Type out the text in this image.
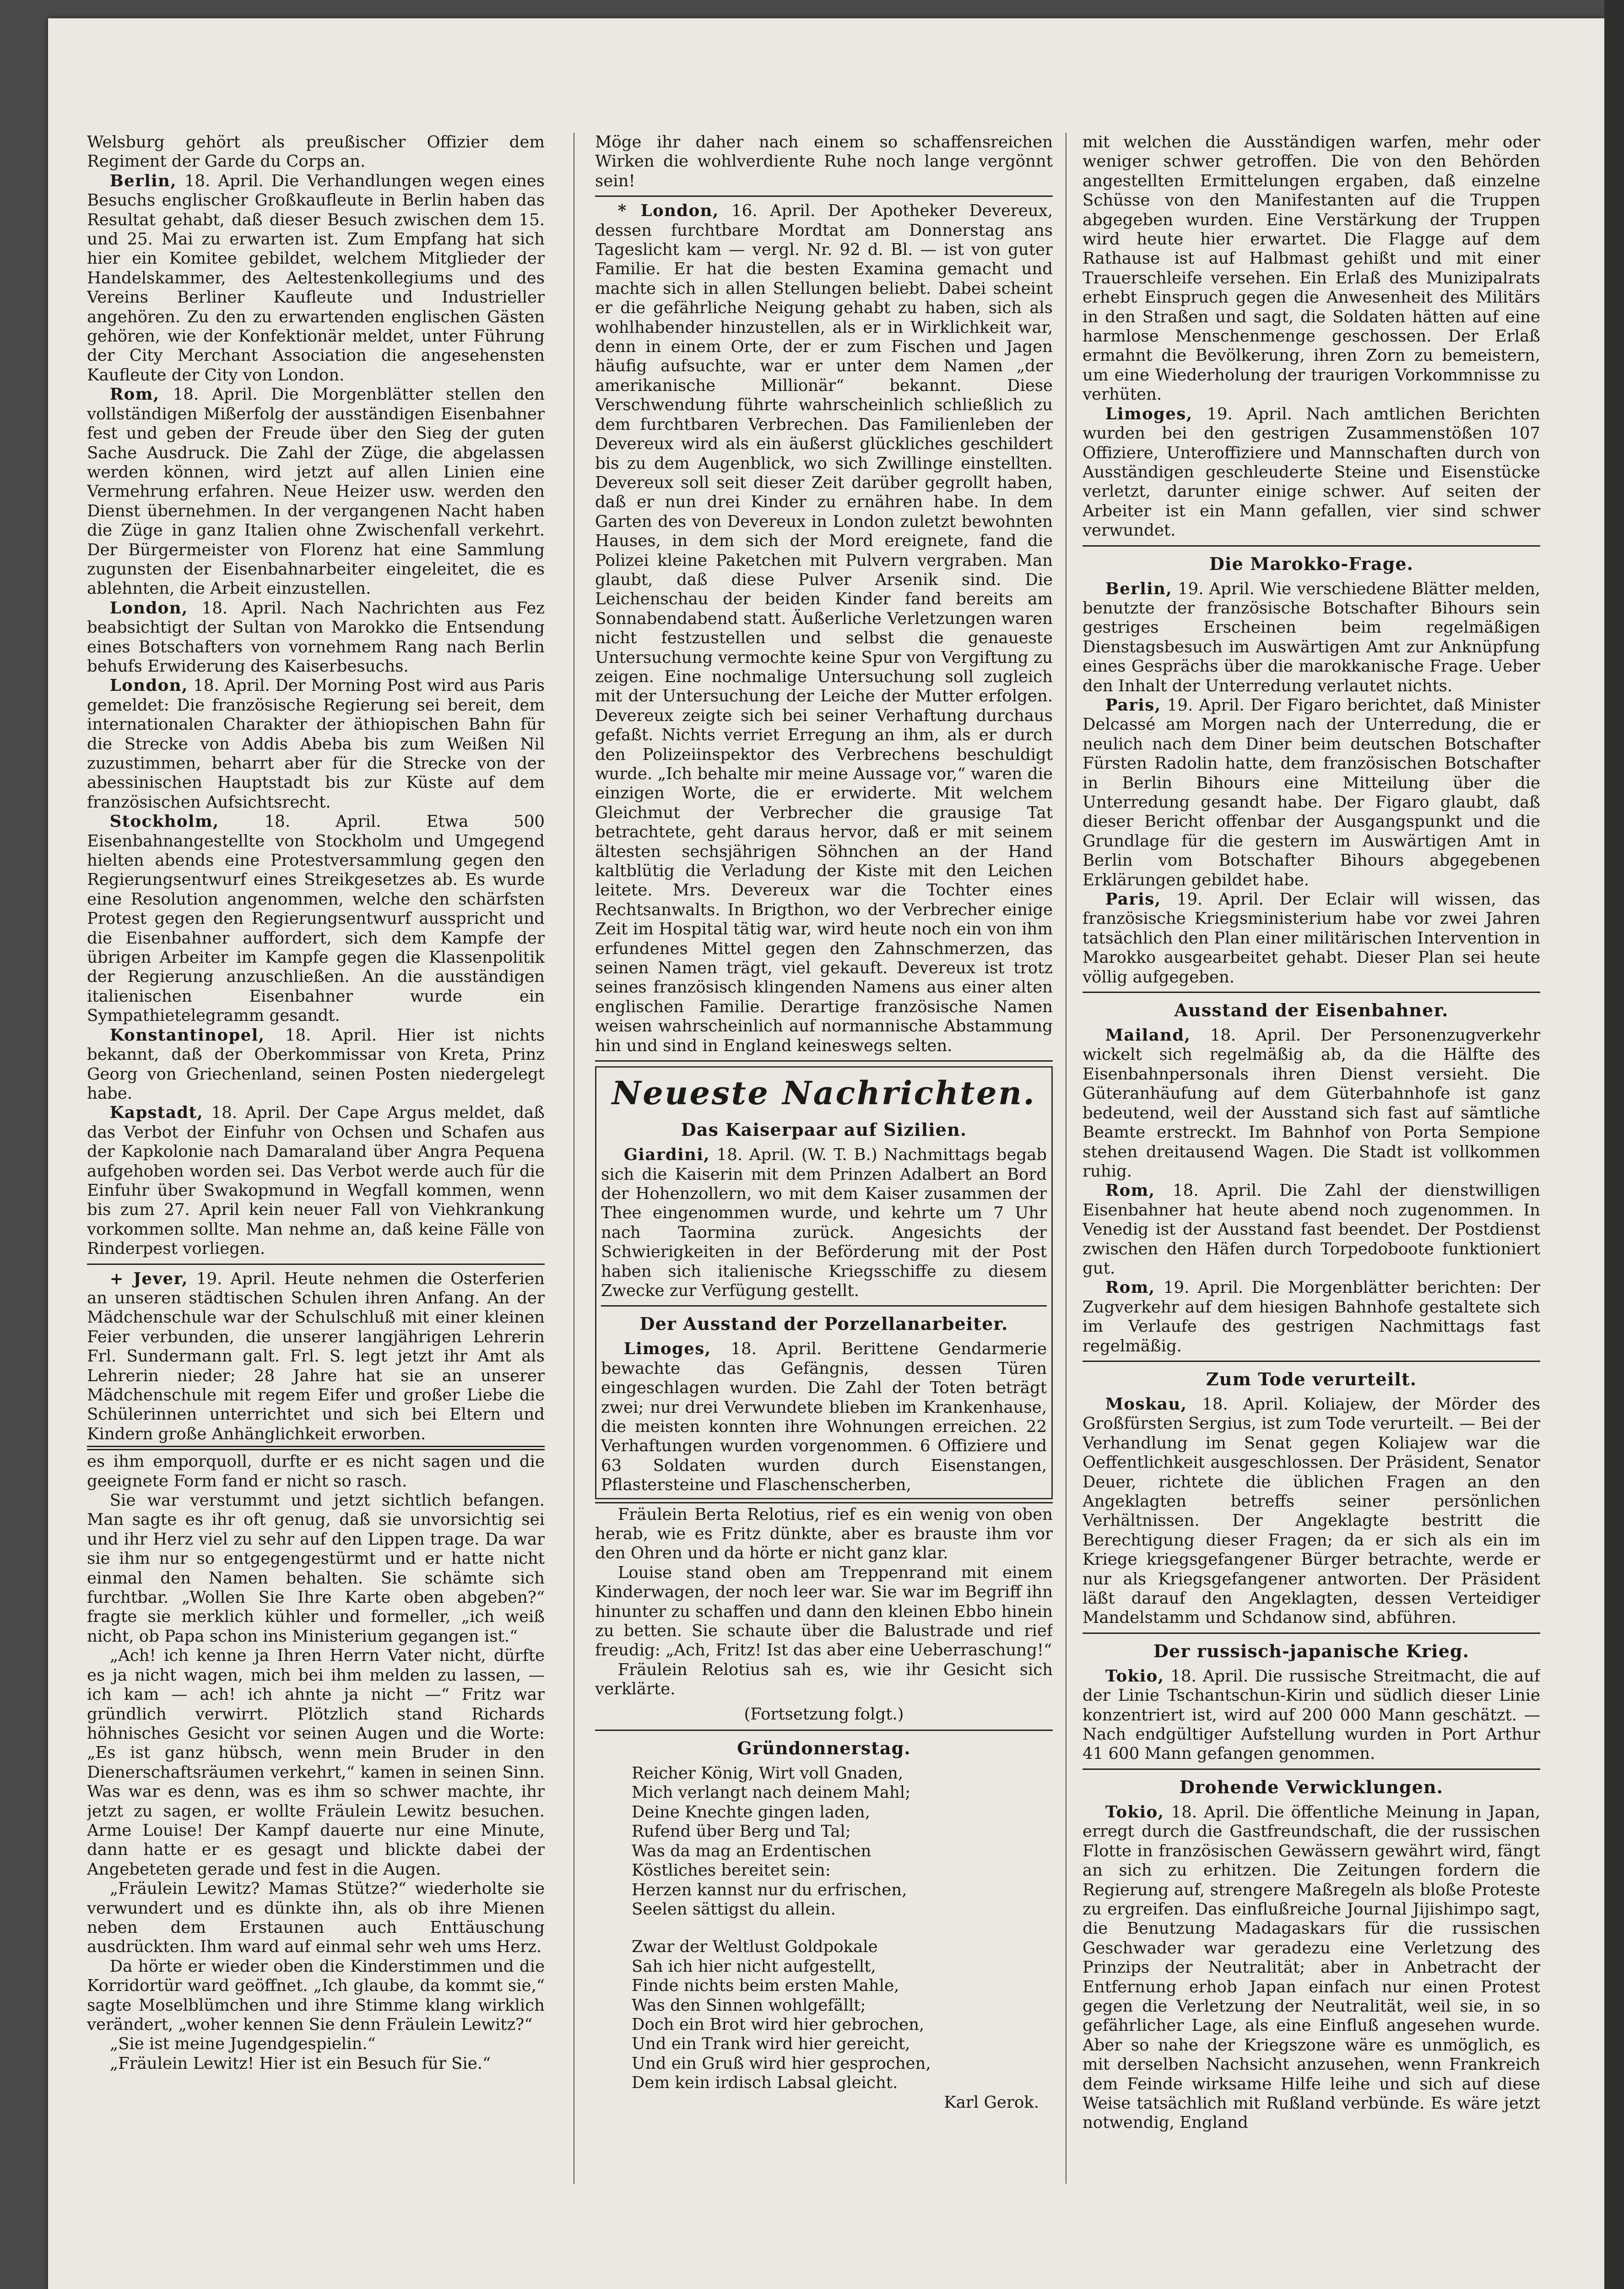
Welsburg gehört als preußischer Offizier dem Regiment der Garde du Corps an.

Berlin, 18. April. Die Verhandlungen wegen eines Besuchs englischer Großkaufleute in Berlin haben das Resultat gehabt, daß dieser Besuch zwischen dem 15. und 25. Mai zu erwarten ist. Zum Empfang hat sich hier ein Komitee gebildet, welchem Mitglieder der Handelskammer, des Aeltestenkollegiums und des Vereins Berliner Kaufleute und Industrieller angehören. Zu den zu erwartenden englischen Gästen gehören, wie der Konfektionär meldet, unter Führung der City Merchant Association die angesehensten Kaufleute der City von London.

Rom, 18. April. Die Morgenblätter stellen den vollständigen Mißerfolg der ausständigen Eisenbahner fest und geben der Freude über den Sieg der guten Sache Ausdruck. Die Zahl der Züge, die abgelassen werden können, wird jetzt auf allen Linien eine Vermehrung erfahren. Neue Heizer usw. werden den Dienst übernehmen. In der vergangenen Nacht haben die Züge in ganz Italien ohne Zwischenfall verkehrt. Der Bürgermeister von Florenz hat eine Sammlung zugunsten der Eisenbahnarbeiter eingeleitet, die es ablehnten, die Arbeit einzustellen.

London, 18. April. Nach Nachrichten aus Fez beabsichtigt der Sultan von Marokko die Entsendung eines Botschafters von vornehmem Rang nach Berlin behufs Erwiderung des Kaiserbesuchs.

London, 18. April. Der Morning Post wird aus Paris gemeldet: Die französische Regierung sei bereit, dem internationalen Charakter der äthiopischen Bahn für die Strecke von Addis Abeba bis zum Weißen Nil zuzustimmen, beharrt aber für die Strecke von der abessinischen Hauptstadt bis zur Küste auf dem französischen Aufsichtsrecht.

Stockholm,	18. April. Etwa 500 Eisenbahnangestellte von Stockholm und Umgegend hielten abends eine Protestversammlung gegen den Regierungsentwurf eines Streikgesetzes ab. Es wurde eine Resolution angenommen, welche den schärfsten Protest gegen den Regierungsentwurf ausspricht und die Eisenbahner auffordert, sich dem Kampfe der übrigen Arbeiter im Kampfe gegen die Klassenpolitik der Regierung anzuschließen. An die ausständigen italienischen Eisenbahner wurde ein Sympathietelegramm gesandt.

Konstantinopel, 18. April. Hier ist nichts bekannt, daß der Oberkommissar von Kreta, Prinz Georg von Griechenland, seinen Posten niedergelegt habe.

Kapstadt, 18. April. Der Cape Argus meldet, daß das Verbot der Einfuhr von Ochsen und Schafen aus der Kapkolonie nach Damaraland über Angra Pequena aufgehoben worden sei. Das Verbot werde auch für die Einfuhr über Swakopmund in Wegfall kommen, wenn bis zum 27. April kein neuer Fall von Viehkrankung vorkommen sollte. Man nehme an, daß keine Fälle von Rinderpest vorliegen.

+ Jever, 19. April. Heute nehmen die Osterferien an unseren städtischen Schulen ihren Anfang. An der Mädchenschule war der Schulschluß mit einer kleinen Feier verbunden, die unserer langjährigen Lehrerin Frl. Sundermann galt. Frl. S. legt jetzt ihr Amt als Lehrerin nieder; 28 Jahre hat sie an unserer Mädchenschule mit regem Eifer und großer Liebe die Schülerinnen unterrichtet und sich bei Eltern und Kindern große Anhänglichkeit erworben.

es ihm emporquoll, durfte er es nicht sagen und die geeignete Form fand er nicht so rasch.

Sie war verstummt und jetzt sichtlich befangen. Man sagte es ihr oft genug, daß sie unvorsichtig sei und ihr Herz viel zu sehr auf den Lippen trage. Da war sie ihm nur so entgegengestürmt und er hatte nicht einmal den Namen behalten. Sie schämte sich furchtbar. „Wollen Sie Ihre Karte oben abgeben?“ fragte sie merklich kühler und formeller, „ich weiß nicht, ob Papa schon ins Ministerium gegangen ist.“

„Ach! ich kenne ja Ihren Herrn Vater nicht, dürfte es ja nicht wagen, mich bei ihm melden zu lassen, — ich kam — ach! ich ahnte ja nicht —“ Fritz war gründlich verwirrt. Plötzlich stand Richards höhnisches Gesicht vor seinen Augen und die Worte: „Es ist ganz hübsch, wenn mein Bruder in den Dienerschaftsräumen verkehrt,“ kamen in seinen Sinn. Was war es denn, was es ihm so schwer machte, ihr jetzt zu sagen, er wollte Fräulein Lewitz besuchen. Arme Louise! Der Kampf dauerte nur eine Minute, dann hatte er es gesagt und blickte dabei der Angebeteten gerade und fest in die Augen.

„Fräulein Lewitz? Mamas Stütze?“ wiederholte sie verwundert und es dünkte ihn, als ob ihre Mienen neben dem Erstaunen auch Enttäuschung ausdrückten. Ihm ward auf einmal sehr weh ums Herz.

Da hörte er wieder oben die Kinderstimmen und die Korridortür ward geöffnet. „Ich glaube, da kommt sie,“ sagte Moselblümchen und ihre Stimme klang wirklich verändert, „woher kennen Sie denn Fräulein Lewitz?“

„Sie ist meine Jugendgespielin.“

„Fräulein Lewitz! Hier ist ein Besuch für Sie.“

Möge ihr daher nach einem so schaffensreichen Wirken die wohlverdiente Ruhe noch lange vergönnt sein!

* London, 16. April. Der Apotheker Devereux, dessen furchtbare Mordtat am Donnerstag ans Tageslicht kam — vergl. Nr. 92 d. Bl. — ist von guter Familie. Er hat die besten Examina gemacht und machte sich in allen Stellungen beliebt. Dabei scheint er die gefährliche Neigung gehabt zu haben, sich als wohlhabender hinzustellen, als er in Wirklichkeit war, denn in einem Orte, der er zum Fischen und Jagen häufig aufsuchte, war er unter dem Namen „der amerikanische Millionär“ bekannt. Diese Verschwendung führte wahrscheinlich schließlich zu dem furchtbaren Verbrechen. Das Familienleben der Devereux wird als ein äußerst glückliches geschildert bis zu dem Augenblick, wo sich Zwillinge einstellten. Devereux soll seit dieser Zeit darüber gegrollt haben, daß er nun drei Kinder zu ernähren habe. In dem Garten des von Devereux in London zuletzt bewohnten Hauses, in dem sich der Mord ereignete, fand die Polizei kleine Paketchen mit Pulvern vergraben. Man glaubt, daß diese Pulver Arsenik sind. Die Leichenschau der beiden Kinder fand bereits am Sonnabendabend statt. Äußerliche Verletzungen waren nicht festzustellen und selbst die genaueste Untersuchung vermochte keine Spur von Vergiftung zu zeigen. Eine nochmalige Untersuchung soll zugleich mit der Untersuchung der Leiche der Mutter erfolgen. Devereux zeigte sich bei seiner Verhaftung durchaus gefaßt. Nichts verriet Erregung an ihm, als er durch den Polizeiinspektor des Verbrechens beschuldigt wurde. „Ich behalte mir meine Aussage vor,“ waren die einzigen Worte, die er erwiderte. Mit welchem Gleichmut der Verbrecher die grausige Tat betrachtete, geht daraus hervor, daß er mit seinem ältesten sechsjährigen Söhnchen an der Hand kaltblütig die Verladung der Kiste mit den Leichen leitete. Mrs. Devereux war die Tochter eines Rechtsanwalts. In Brigthon, wo der Verbrecher einige Zeit im Hospital tätig war, wird heute noch ein von ihm erfundenes Mittel gegen den Zahnschmerzen, das seinen Namen trägt, viel gekauft. Devereux ist trotz seines französisch klingenden Namens aus einer alten englischen Familie. Derartige französische Namen weisen wahrscheinlich auf normannische Abstammung hin und sind in England keineswegs selten.

Neueste Nachrichten.
Das Kaiserpaar auf Sizilien.

Giardini, 18. April. (W. T. B.) Nachmittags begab sich die Kaiserin mit dem Prinzen Adalbert an Bord der Hohenzollern, wo mit dem Kaiser zusammen der Thee eingenommen wurde, und kehrte um 7 Uhr nach Taormina zurück. Angesichts der Schwierigkeiten in der Beförderung mit der Post haben sich italienische Kriegsschiffe zu diesem Zwecke zur Verfügung gestellt.

Der Ausstand der Porzellanarbeiter.

Limoges, 18. April. Berittene Gendarmerie bewachte das Gefängnis, dessen Türen eingeschlagen wurden. Die Zahl der Toten beträgt zwei; nur drei Verwundete blieben im Krankenhause, die meisten konnten ihre Wohnungen erreichen. 22 Verhaftungen wurden vorgenommen. 6 Offiziere und 63 Soldaten wurden durch Eisenstangen, Pflastersteine und Flaschenscherben,

Fräulein Berta Relotius, rief es ein wenig von oben herab, wie es Fritz dünkte, aber es brauste ihm vor den Ohren und da hörte er nicht ganz klar.

Louise stand oben am Treppenrand mit einem Kinderwagen, der noch leer war. Sie war im Begriff ihn hinunter zu schaffen und dann den kleinen Ebbo hinein zu betten. Sie schaute über die Balustrade und rief freudig: „Ach, Fritz! Ist das aber eine Ueberraschung!“

Fräulein Relotius sah es, wie ihr Gesicht sich verklärte.

(Fortsetzung folgt.)

Gründonnerstag.
Reicher König, Wirt voll Gnaden,
Mich verlangt nach deinem Mahl;
Deine Knechte gingen laden,
Rufend über Berg und Tal;
Was da mag an Erdentischen
Köstliches bereitet sein:
Herzen kannst nur du erfrischen,
Seelen sättigst du allein.
Zwar der Weltlust Goldpokale
Sah ich hier nicht aufgestellt,
Finde nichts beim ersten Mahle,
Was den Sinnen wohlgefällt;
Doch ein Brot wird hier gebrochen,
Und ein Trank wird hier gereicht,
Und ein Gruß wird hier gesprochen,
Dem kein irdisch Labsal gleicht.

Karl Gerok.

mit welchen die Ausständigen warfen, mehr oder weniger schwer getroffen. Die von den Behörden angestellten Ermittelungen ergaben, daß einzelne Schüsse von den Manifestanten auf die Truppen abgegeben wurden. Eine Verstärkung der Truppen wird heute hier erwartet. Die Flagge auf dem Rathause ist auf Halbmast gehißt und mit einer Trauerschleife versehen. Ein Erlaß des Munizipalrats erhebt Einspruch gegen die Anwesenheit des Militärs in den Straßen und sagt, die Soldaten hätten auf eine harmlose Menschenmenge geschossen. Der Erlaß ermahnt die Bevölkerung, ihren Zorn zu bemeistern, um eine Wiederholung der traurigen Vorkommnisse zu verhüten.

Limoges, 19. April. Nach amtlichen Berichten wurden bei den gestrigen Zusammenstößen 107 Offiziere, Unteroffiziere und Mannschaften durch von Ausständigen geschleuderte Steine und Eisenstücke verletzt, darunter einige schwer. Auf seiten der Arbeiter ist ein Mann gefallen, vier sind schwer verwundet.

Die Marokko-Frage.

Berlin, 19. April. Wie verschiedene Blätter melden, benutzte der französische Botschafter Bihours sein gestriges Erscheinen beim regelmäßigen Dienstagsbesuch im Auswärtigen Amt zur Anknüpfung eines Gesprächs über die marokkanische Frage. Ueber den Inhalt der Unterredung verlautet nichts.

Paris, 19. April. Der Figaro berichtet, daß Minister Delcassé am Morgen nach der Unterredung, die er neulich nach dem Diner beim deutschen Botschafter Fürsten Radolin hatte, dem französischen Botschafter in Berlin Bihours eine Mitteilung über die Unterredung gesandt habe. Der Figaro glaubt, daß dieser Bericht offenbar der Ausgangspunkt und die Grundlage für die gestern im Auswärtigen Amt in Berlin vom Botschafter Bihours abgegebenen Erklärungen gebildet habe.

Paris, 19. April. Der Eclair will wissen, das französische Kriegsministerium habe vor zwei Jahren tatsächlich den Plan einer militärischen Intervention in Marokko ausgearbeitet gehabt. Dieser Plan sei heute völlig aufgegeben.

Ausstand der Eisenbahner.

Mailand, 18. April. Der Personenzugverkehr wickelt sich regelmäßig ab, da die Hälfte des Eisenbahnpersonals ihren Dienst versieht. Die Güteranhäufung auf dem Güterbahnhofe ist ganz bedeutend, weil der Ausstand sich fast auf sämtliche Beamte erstreckt. Im Bahnhof von Porta Sempione stehen dreitausend Wagen. Die Stadt ist vollkommen ruhig.

Rom, 18. April. Die Zahl der dienstwilligen Eisenbahner hat heute abend noch zugenommen. In Venedig ist der Ausstand fast beendet. Der Postdienst zwischen den Häfen durch Torpedoboote funktioniert gut.

Rom, 19. April. Die Morgenblätter berichten: Der Zugverkehr auf dem hiesigen Bahnhofe gestaltete sich im Verlaufe des gestrigen Nachmittags fast regelmäßig.

Zum Tode verurteilt.

Moskau, 18. April. Koliajew, der Mörder des Großfürsten Sergius, ist zum Tode verurteilt. — Bei der Verhandlung im Senat gegen Koliajew war die Oeffentlichkeit ausgeschlossen. Der Präsident, Senator Deuer, richtete die üblichen Fragen an den Angeklagten betreffs seiner persönlichen Verhältnissen. Der Angeklagte bestritt die Berechtigung dieser Fragen; da er sich als ein im Kriege kriegsgefangener Bürger betrachte, werde er nur als Kriegsgefangener antworten. Der Präsident läßt darauf den Angeklagten, dessen Verteidiger Mandelstamm und Schdanow sind, abführen.

Der russisch-japanische Krieg.

Tokio, 18. April. Die russische Streitmacht, die auf der Linie Tschantschun-Kirin und südlich dieser Linie konzentriert ist, wird auf 200 000 Mann geschätzt. — Nach endgültiger Aufstellung wurden in Port Arthur 41 600 Mann gefangen genommen.

Drohende Verwicklungen.

Tokio, 18. April. Die öffentliche Meinung in Japan, erregt durch die Gastfreundschaft, die der russischen Flotte in französischen Gewässern gewährt wird, fängt an sich zu erhitzen. Die Zeitungen fordern die Regierung auf, strengere Maßregeln als bloße Proteste zu ergreifen. Das einflußreiche Journal Jijishimpo sagt, die Benutzung Madagaskars für die russischen Geschwader war geradezu eine Verletzung des Prinzips der Neutralität; aber in Anbetracht der Entfernung erhob Japan einfach nur einen Protest gegen die Verletzung der Neutralität, weil sie, in so gefährlicher Lage, als eine Einfluß angesehen wurde. Aber so nahe der Kriegszone wäre es unmöglich, es mit derselben Nachsicht anzusehen, wenn Frankreich dem Feinde wirksame Hilfe leihe und sich auf diese Weise tatsächlich mit Rußland verbünde. Es wäre jetzt notwendig, England
